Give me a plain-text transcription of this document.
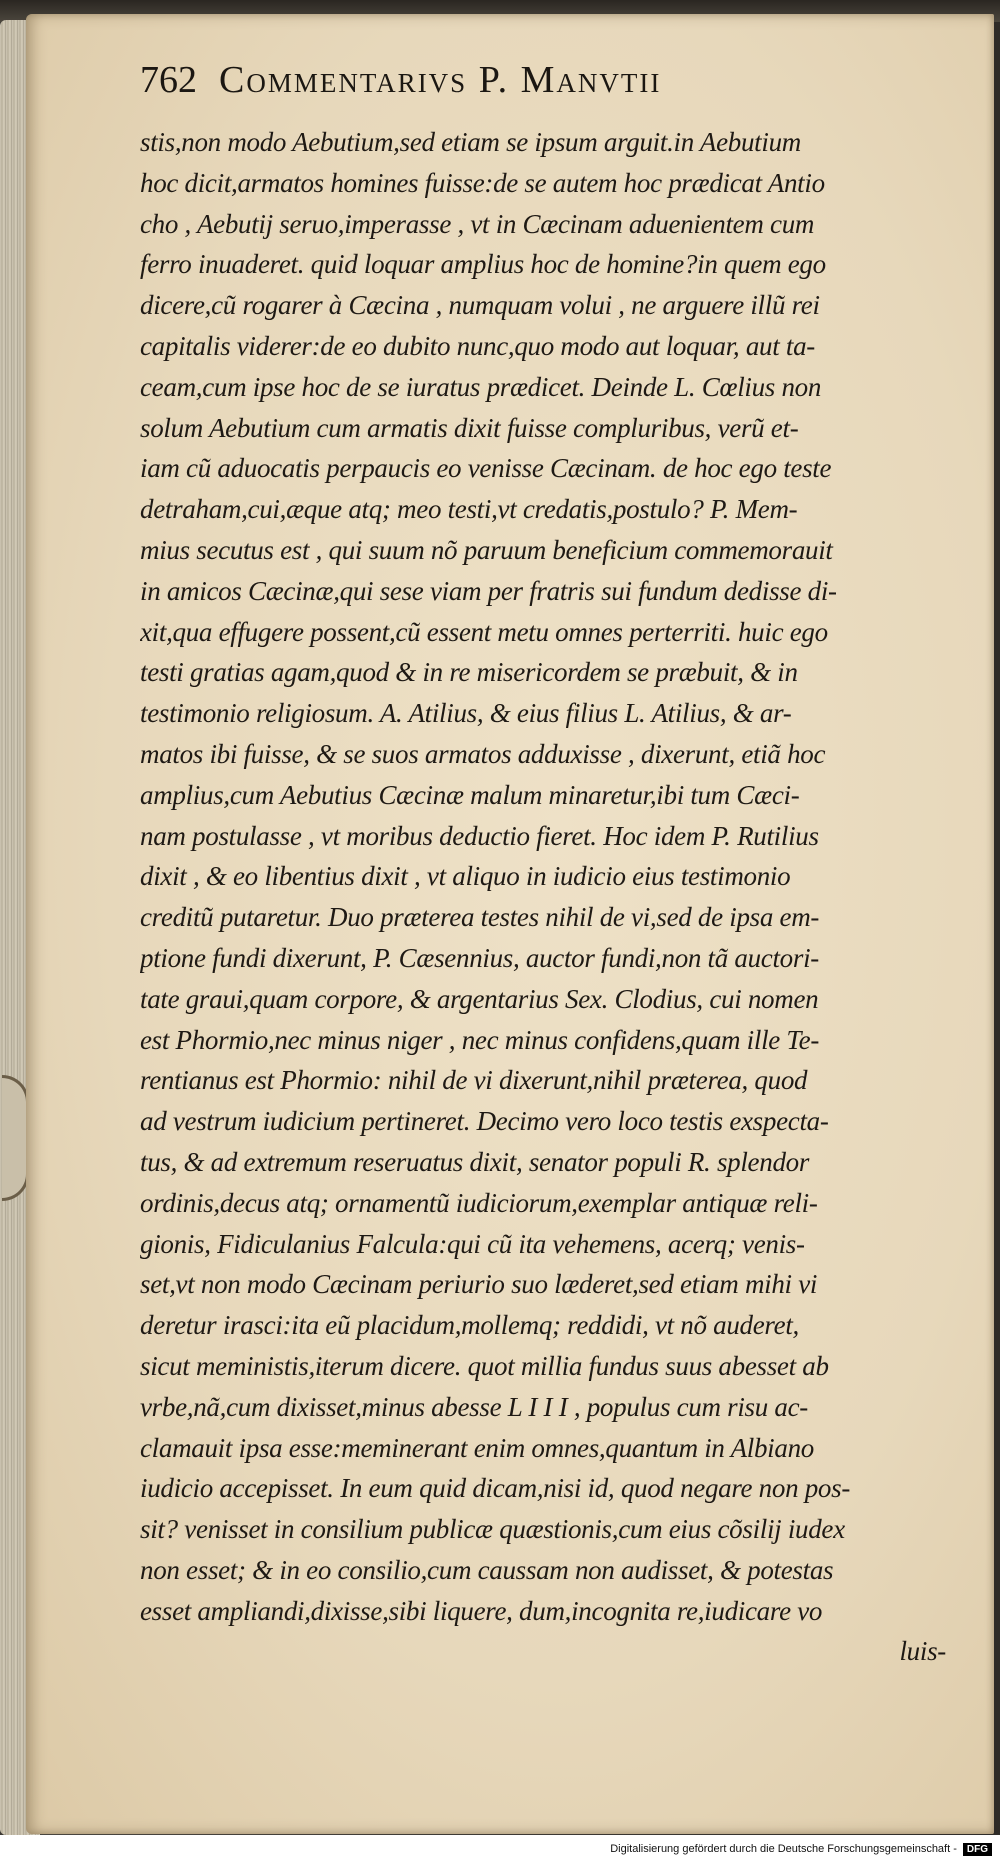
762 Commentarivs P. Manvtii
stis,non modo Aebutium,sed etiam se ipsum arguit.in Aebutium
hoc dicit,armatos homines fuisse:de se autem hoc prædicat Antio
cho , Aebutij seruo,imperasse , vt in Cæcinam aduenientem cum
ferro inuaderet. quid loquar amplius hoc de homine?in quem ego
dicere,cũ rogarer à Cæcina , numquam volui , ne arguere illũ rei
capitalis viderer:de eo dubito nunc,quo modo aut loquar, aut ta-
ceam,cum ipse hoc de se iuratus prædicet. Deinde L. Cœlius non
solum Aebutium cum armatis dixit fuisse compluribus, verũ et-
iam cũ aduocatis perpaucis eo venisse Cæcinam. de hoc ego teste
detraham,cui,æque atq; meo testi,vt credatis,postulo? P. Mem-
mius secutus est , qui suum nõ paruum beneficium commemorauit
in amicos Cæcinæ,qui sese viam per fratris sui fundum dedisse di-
xit,qua effugere possent,cũ essent metu omnes perterriti. huic ego
testi gratias agam,quod & in re misericordem se præbuit, & in
testimonio religiosum. A. Atilius, & eius filius L. Atilius, & ar-
matos ibi fuisse, & se suos armatos adduxisse , dixerunt, etiã hoc
amplius,cum Aebutius Cæcinæ malum minaretur,ibi tum Cæci-
nam postulasse , vt moribus deductio fieret. Hoc idem P. Rutilius
dixit , & eo libentius dixit , vt aliquo in iudicio eius testimonio
creditũ putaretur. Duo præterea testes nihil de vi,sed de ipsa em-
ptione fundi dixerunt, P. Cæsennius, auctor fundi,non tã auctori-
tate graui,quam corpore, & argentarius Sex. Clodius, cui nomen
est Phormio,nec minus niger , nec minus confidens,quam ille Te-
rentianus est Phormio: nihil de vi dixerunt,nihil præterea, quod
ad vestrum iudicium pertineret. Decimo vero loco testis exspecta-
tus, & ad extremum reseruatus dixit, senator populi R. splendor
ordinis,decus atq; ornamentũ iudiciorum,exemplar antiquæ reli-
gionis, Fidiculanius Falcula:qui cũ ita vehemens, acerq; venis-
set,vt non modo Cæcinam periurio suo læderet,sed etiam mihi vi
deretur irasci:ita eũ placidum,mollemq; reddidi, vt nõ auderet,
sicut meministis,iterum dicere. quot millia fundus suus abesset ab
vrbe,nã,cum dixisset,minus abesse L I I I , populus cum risu ac-
clamauit ipsa esse:meminerant enim omnes,quantum in Albiano
iudicio accepisset. In eum quid dicam,nisi id, quod negare non pos-
sit? venisset in consilium publicæ quæstionis,cum eius cõsilij iudex
non esset; & in eo consilio,cum caussam non audisset, & potestas
esset ampliandi,dixisse,sibi liquere, dum,incognita re,iudicare vo
luis-
Digitalisierung gefördert durch die Deutsche Forschungsgemeinschaft -	DFG
